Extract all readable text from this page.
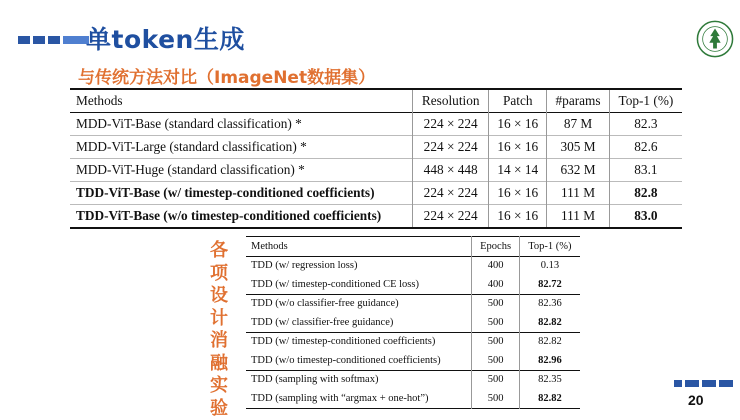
单token生成
与传统方法对比（ImageNet数据集）
Methods	Resolution	Patch	#params	Top-1 (%)
MDD-ViT-Base (standard classification) *	224 × 224	16 × 16	87 M	82.3
MDD-ViT-Large (standard classification) *	224 × 224	16 × 16	305 M	82.6
MDD-ViT-Huge (standard classification) *	448 × 448	14 × 14	632 M	83.1
TDD-ViT-Base (w/ timestep-conditioned coefficients)	224 × 224	16 × 16	111 M	82.8
TDD-ViT-Base (w/o timestep-conditioned coefficients)	224 × 224	16 × 16	111 M	83.0

各项设计消融实验

Methods	Epochs	Top-1 (%)
TDD (w/ regression loss)	400	0.13
TDD (w/ timestep-conditioned CE loss)	400	82.72
TDD (w/o classifier-free guidance)	500	82.36
TDD (w/ classifier-free guidance)	500	82.82
TDD (w/ timestep-conditioned coefficients)	500	82.82
TDD (w/o timestep-conditioned coefficients)	500	82.96
TDD (sampling with softmax)	500	82.35
TDD (sampling with “argmax + one-hot”)	500	82.82	20
